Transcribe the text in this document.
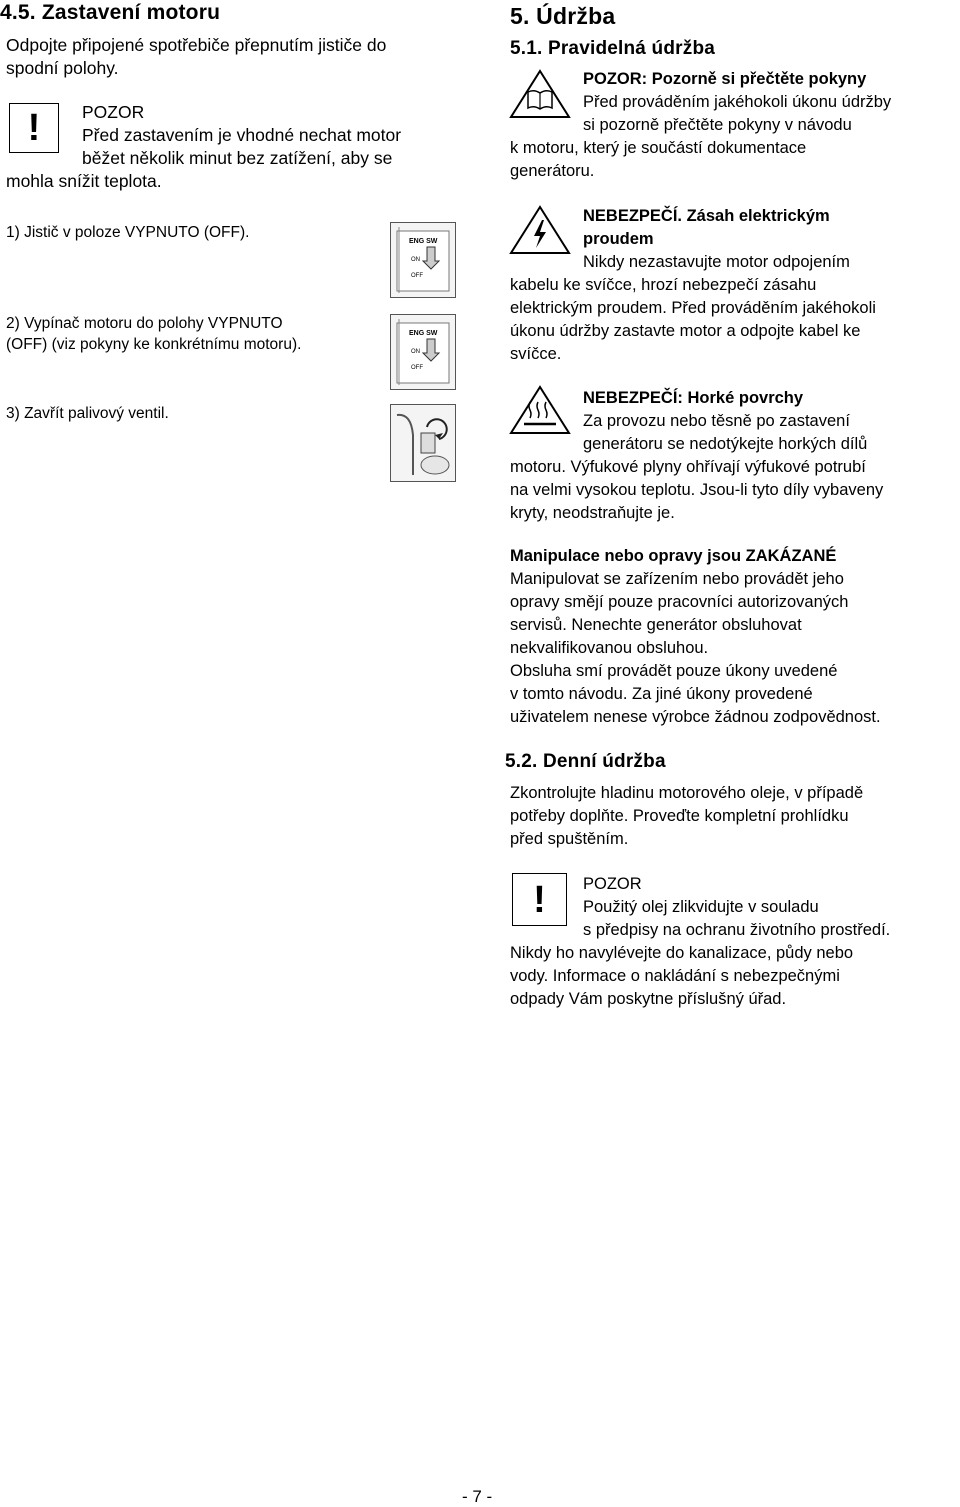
4.5. Zastavení motoru
Odpojte připojené spotřebiče přepnutím jističe do
spodní polohy.
!	POZOR
Před zastavením je vhodné nechat motor
běžet několik minut bez zatížení, aby se
mohla snížit teplota.
1) Jistič v poloze VYPNUTO (OFF).
2) Vypínač motoru do polohy VYPNUTO
(OFF) (viz pokyny ke konkrétnímu motoru).
3) Zavřít palivový ventil.
ENG SW
ON
OFF
ENG SW
ON
OFF
5. Údržba
5.1. Pravidelná údržba
POZOR: Pozorně si přečtěte pokyny
Před prováděním jakéhokoli úkonu údržby
si pozorně přečtěte pokyny v návodu
k motoru, který je součástí dokumentace
generátoru.
NEBEZPEČÍ. Zásah elektrickým
proudem
Nikdy nezastavujte motor odpojením
kabelu ke svíčce, hrozí nebezpečí zásahu
elektrickým proudem. Před prováděním jakéhokoli
úkonu údržby zastavte motor a odpojte kabel ke
svíčce.
NEBEZPEČÍ: Horké povrchy
Za provozu nebo těsně po zastavení
generátoru se nedotýkejte horkých dílů
motoru. Výfukové plyny ohřívají výfukové potrubí
na velmi vysokou teplotu. Jsou-li tyto díly vybaveny
kryty, neodstraňujte je.
Manipulace nebo opravy jsou ZAKÁZANÉ
Manipulovat se zařízením nebo provádět jeho
opravy smějí pouze pracovníci autorizovaných
servisů. Nenechte generátor obsluhovat
nekvalifikovanou obsluhou.
Obsluha smí provádět pouze úkony uvedené
v tomto návodu. Za jiné úkony provedené
uživatelem nenese výrobce žádnou zodpovědnost.
5.2. Denní údržba
Zkontrolujte hladinu motorového oleje, v případě
potřeby doplňte. Proveďte kompletní prohlídku
před spuštěním.
!	POZOR
Použitý olej zlikvidujte v souladu
s předpisy na ochranu životního prostředí.
Nikdy ho navylévejte do kanalizace, půdy nebo
vody. Informace o nakládání s nebezpečnými
odpady Vám poskytne příslušný úřad.
- 7 -
